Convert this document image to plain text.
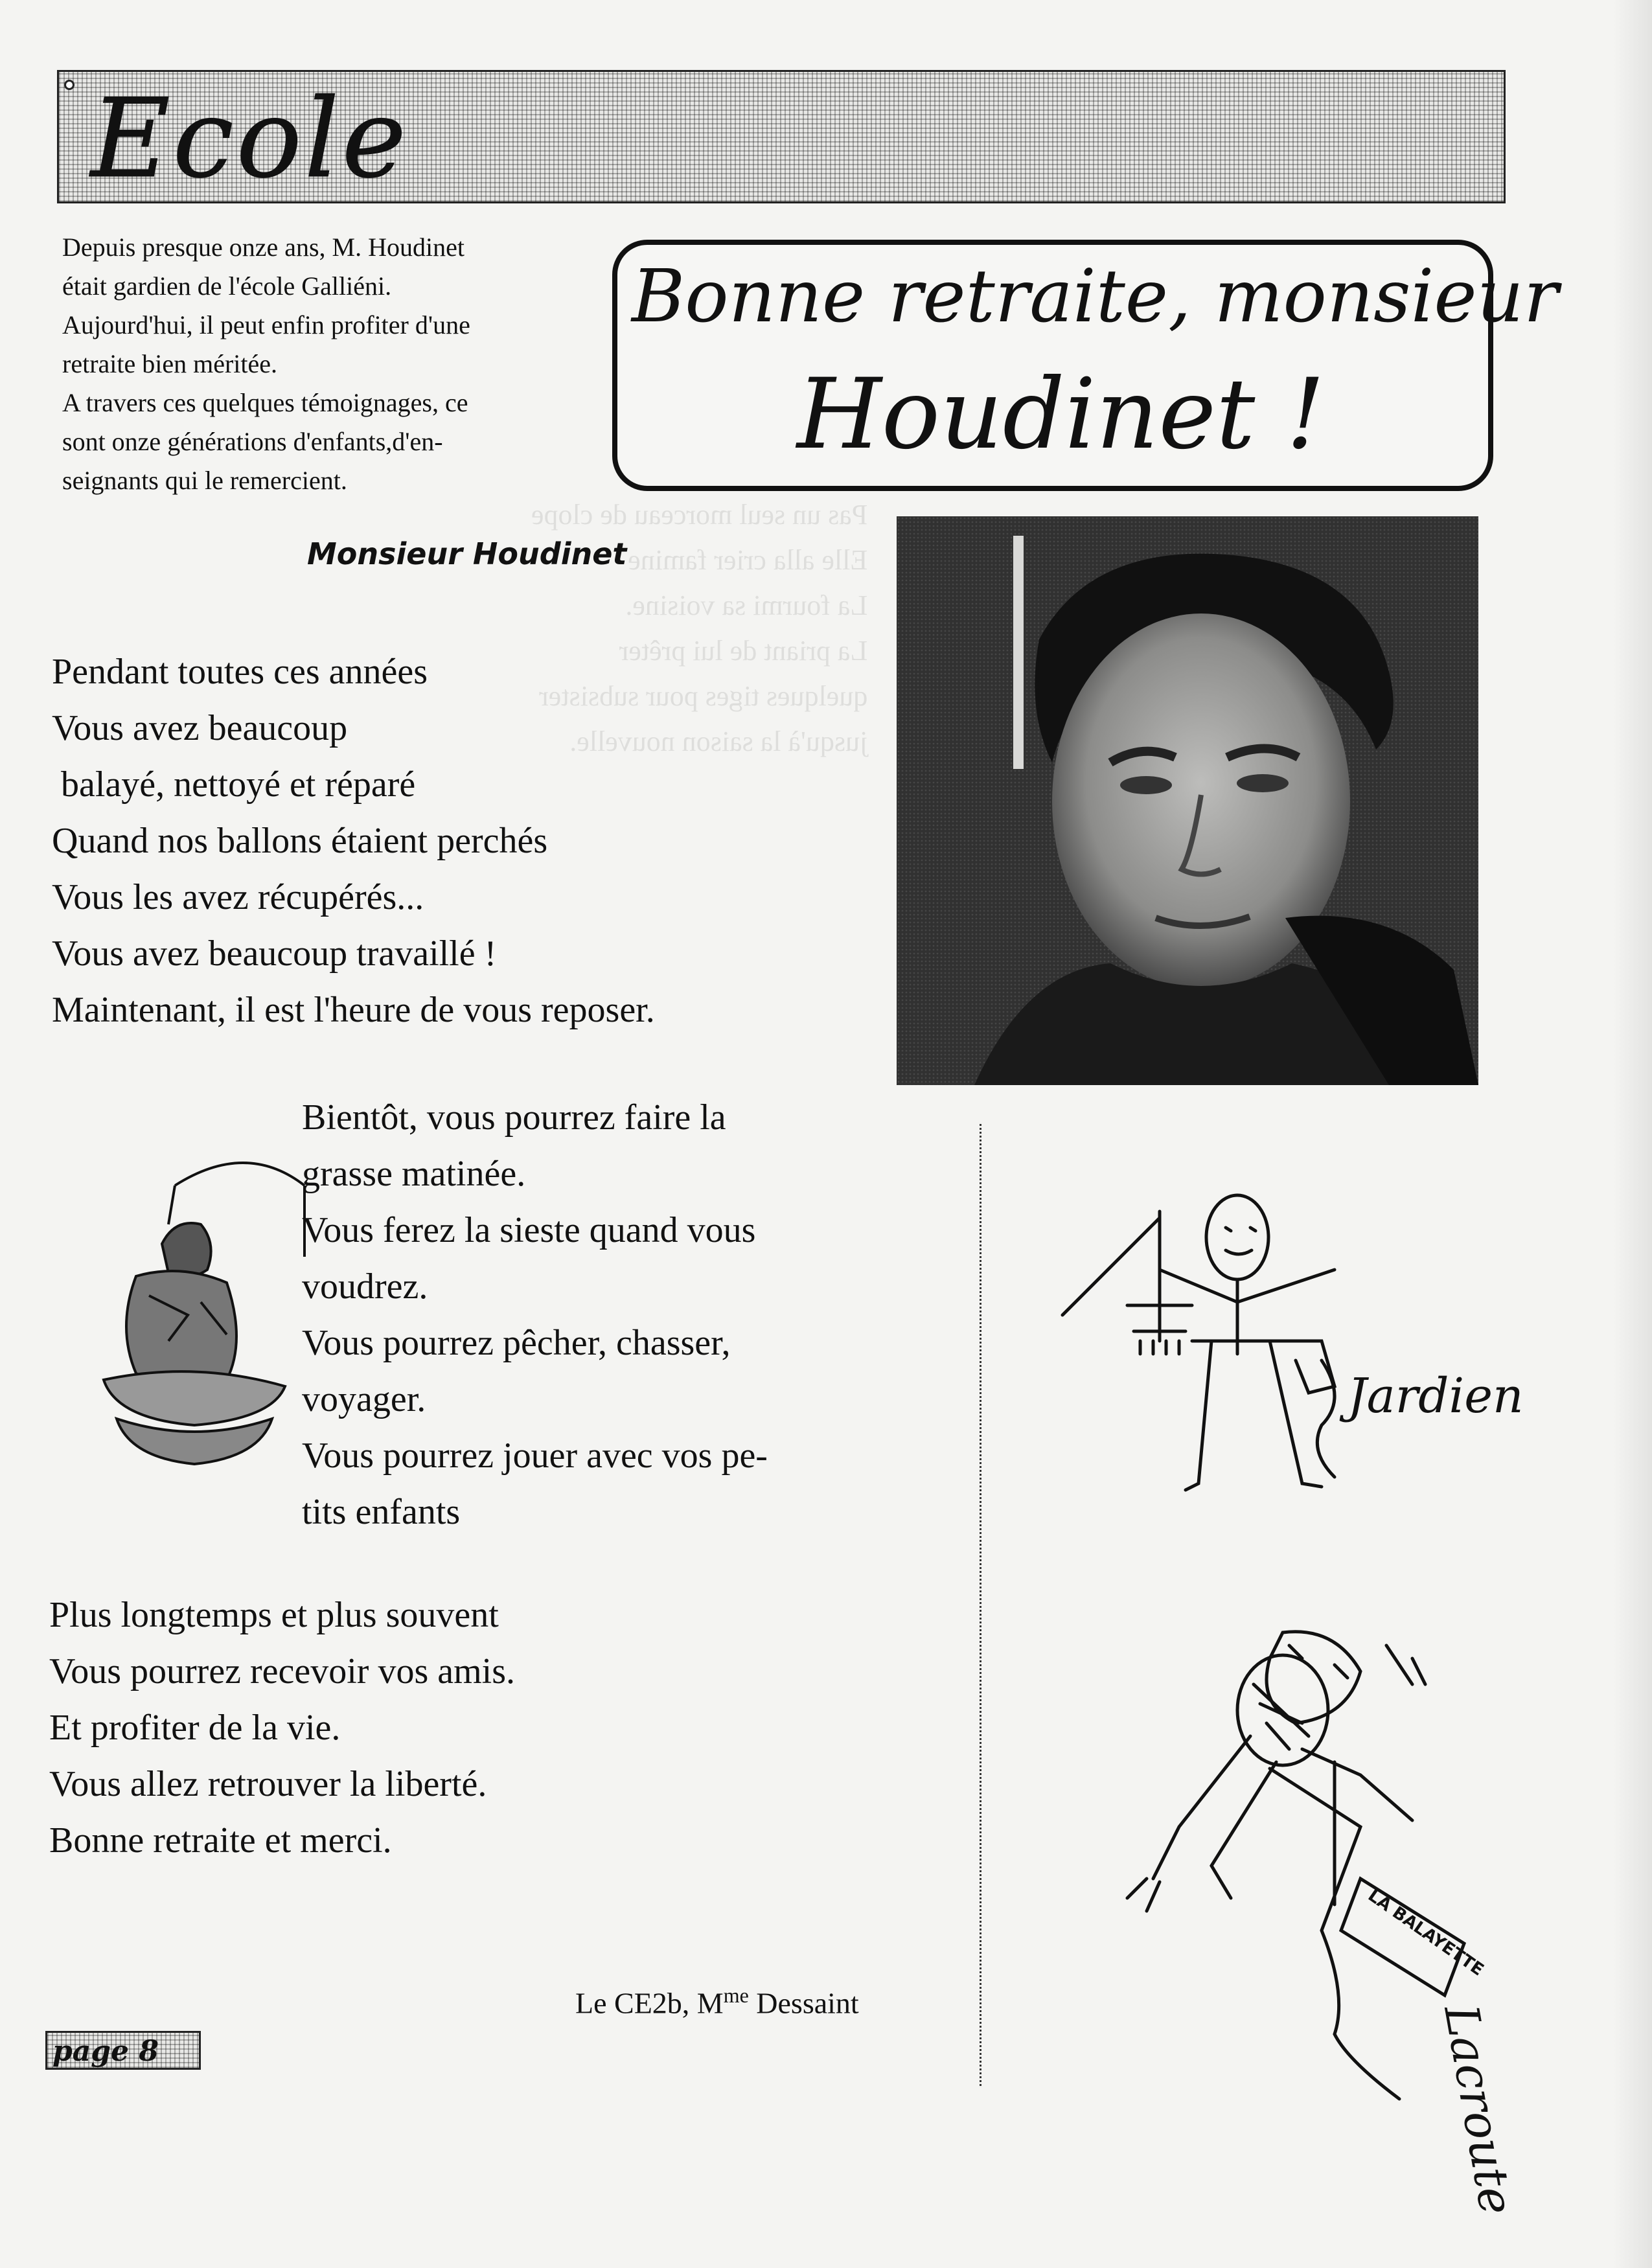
Pas un seul morceau de clope
Elle alla crier famine
La fourmi sa voisine.
La priant de lui prêter
quelques tiges pour subsister
jusqu'à la saison nouvelle.
Ecole

Depuis presque onze ans, M. Houdinet

était gardien de l'école Galliéni.

Aujourd'hui, il peut enfin profiter d'une

retraite bien méritée.

A travers ces quelques témoignages, ce

sont onze générations d'enfants,d'en-

seignants qui le remercient.

Bonne retraite, monsieur
Houdinet !
Monsieur Houdinet
Pendant toutes ces années
Vous avez beaucoup
balayé, nettoyé et réparé
Quand nos ballons étaient perchés
Vous les avez récupérés...
Vous avez beaucoup travaillé !
Maintenant, il est l'heure de vous reposer.
Bientôt, vous pourrez faire la
grasse matinée.
Vous ferez la sieste quand vous
voudrez.
Vous pourrez pêcher, chasser,
voyager.
Vous pourrez jouer avec vos pe-
tits enfants
Plus longtemps et plus souvent
Vous pourrez recevoir vos amis.
Et profiter de la vie.
Vous allez retrouver la liberté.
Bonne retraite et merci.
Le CE2b, $M^{me}$ Dessaint
page 8
Jardien
LA BALAYETTE
Lacroute
